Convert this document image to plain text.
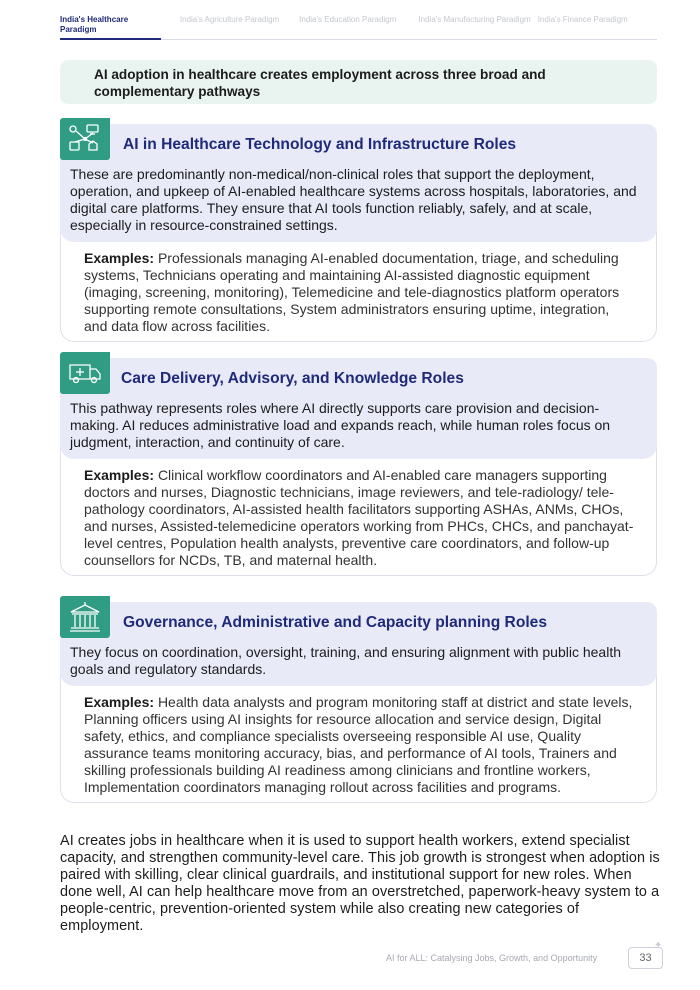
India's Healthcare Paradigm
India's Agriculture Paradigm	India's Education Paradigm	India's Manufacturing Paradigm India's Finance Paradigm
AI adoption in healthcare creates employment across three broad and complementary pathways
AI in Healthcare Technology and Infrastructure Roles
These are predominantly non-medical/non-clinical roles that support the deployment, operation, and upkeep of AI-enabled healthcare systems across hospitals, laboratories, and digital care platforms. They ensure that AI tools function reliably, safely, and at scale, especially in resource-constrained settings.
Examples: Professionals managing AI-enabled documentation, triage, and scheduling systems, Technicians operating and maintaining AI-assisted diagnostic equipment (imaging, screening, monitoring), Telemedicine and tele-diagnostics platform operators supporting remote consultations, System administrators ensuring uptime, integration, and data flow across facilities.
Care Delivery, Advisory, and Knowledge Roles
This pathway represents roles where AI directly supports care provision and decision-making. AI reduces administrative load and expands reach, while human roles focus on judgment, interaction, and continuity of care.
Examples: Clinical workflow coordinators and AI-enabled care managers supporting doctors and nurses, Diagnostic technicians, image reviewers, and tele-radiology/ tele-pathology coordinators, AI-assisted health facilitators supporting ASHAs, ANMs, CHOs, and nurses, Assisted-telemedicine operators working from PHCs, CHCs, and panchayat-level centres, Population health analysts, preventive care coordinators, and follow-up counsellors for NCDs, TB, and maternal health.
Governance, Administrative and Capacity planning Roles
They focus on coordination, oversight, training, and ensuring alignment with public health goals and regulatory standards.
Examples: Health data analysts and program monitoring staff at district and state levels, Planning officers using AI insights for resource allocation and service design, Digital safety, ethics, and compliance specialists overseeing responsible AI use, Quality assurance teams monitoring accuracy, bias, and performance of AI tools, Trainers and skilling professionals building AI readiness among clinicians and frontline workers, Implementation coordinators managing rollout across facilities and programs.
AI creates jobs in healthcare when it is used to support health workers, extend specialist capacity, and strengthen community-level care. This job growth is strongest when adoption is paired with skilling, clear clinical guardrails, and institutional support for new roles. When done well, AI can help healthcare move from an overstretched, paperwork-heavy system to a people-centric, prevention-oriented system while also creating new categories of employment.
AI for ALL: Catalysing Jobs, Growth, and Opportunity
✦
33
